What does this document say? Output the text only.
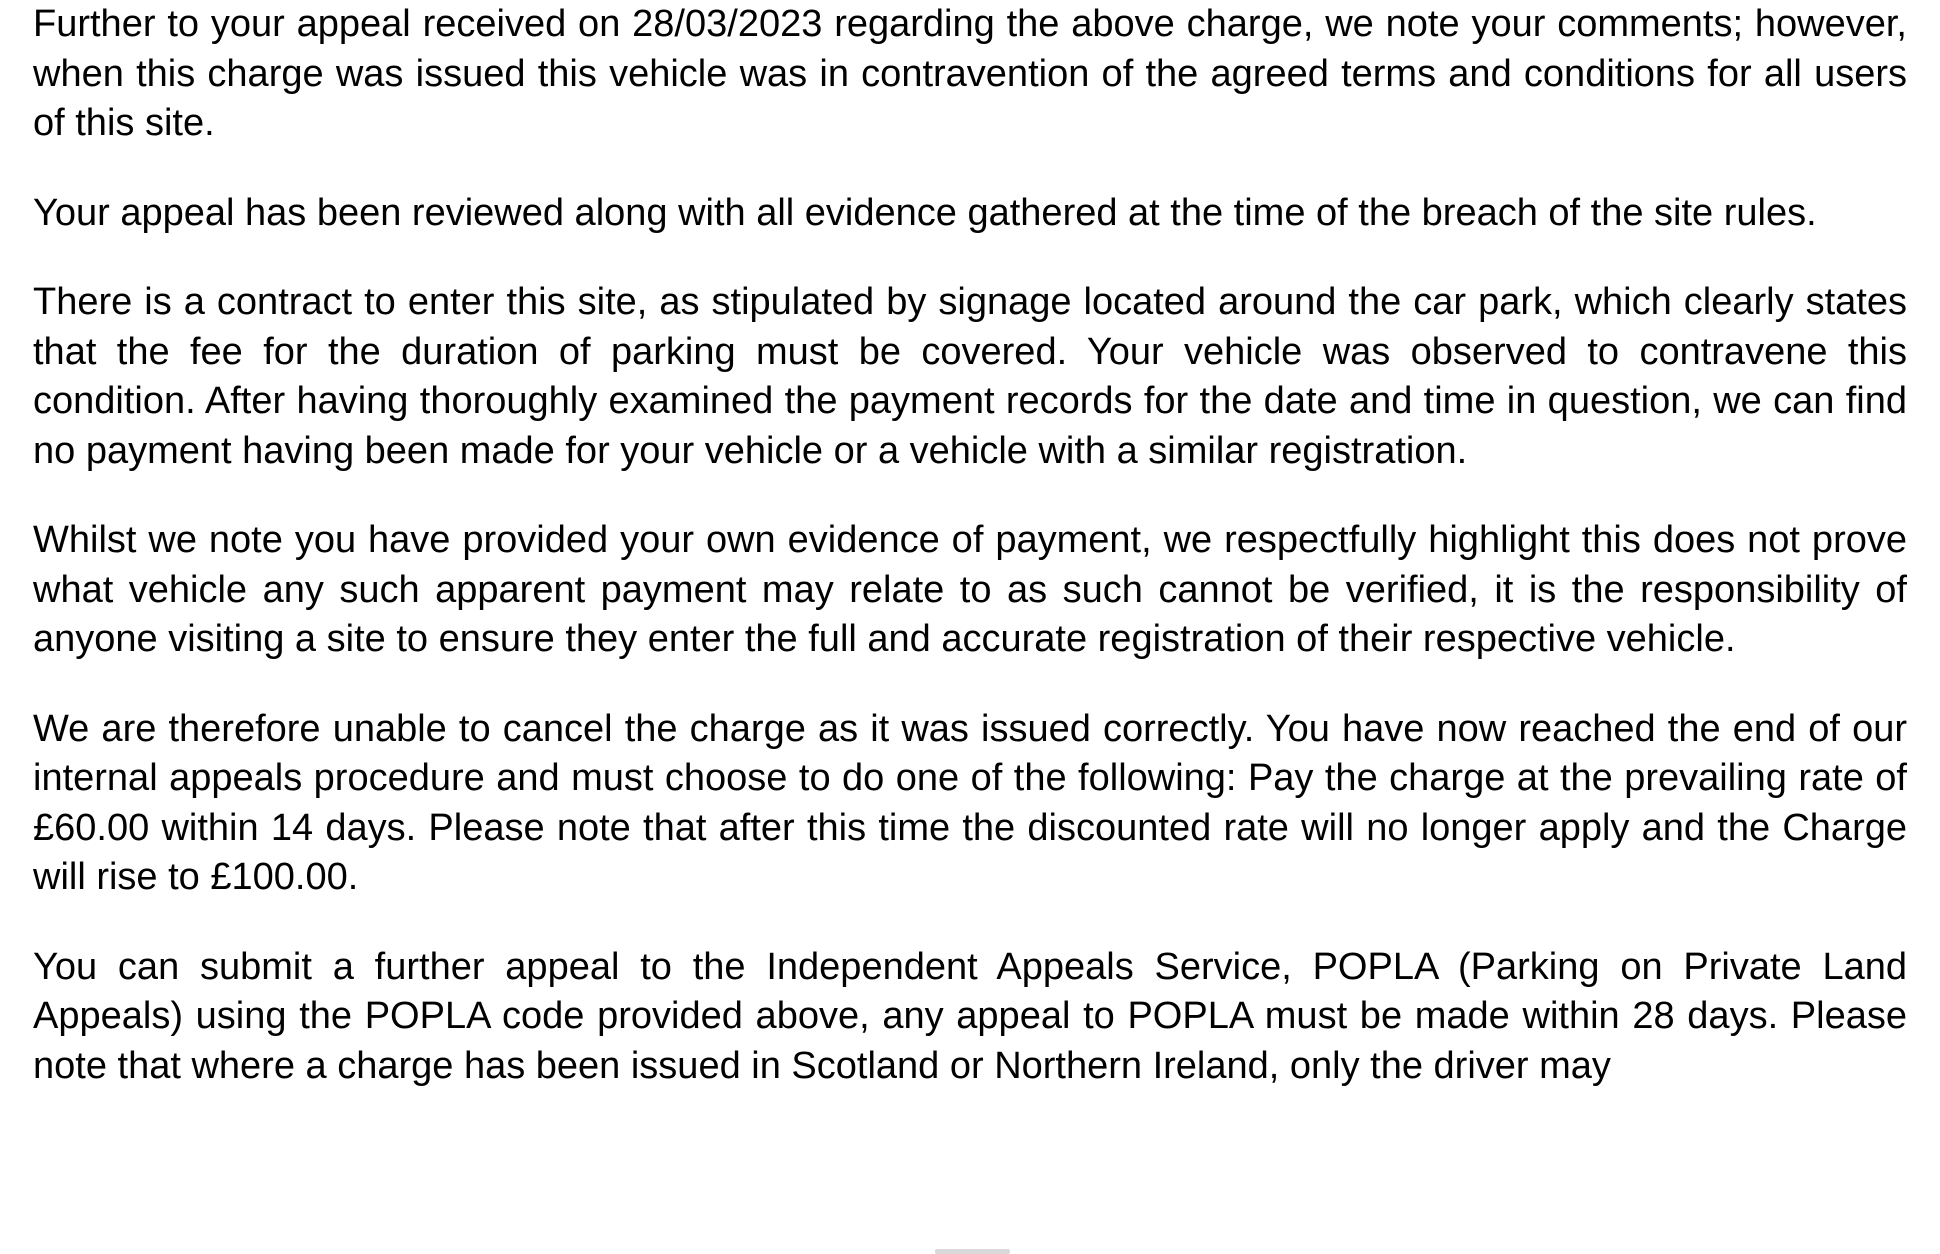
Further to your appeal received on 28/03/2023 regarding the above charge, we note your comments; however, when this charge was issued this vehicle was in contravention of the agreed terms and conditions for all users of this site.

Your appeal has been reviewed along with all evidence gathered at the time of the breach of the site rules.

There is a contract to enter this site, as stipulated by signage located around the car park, which clearly states that the fee for the duration of parking must be covered. Your vehicle was observed to contravene this condition. After having thoroughly examined the payment records for the date and time in question, we can find no payment having been made for your vehicle or a vehicle with a similar registration.

Whilst we note you have provided your own evidence of payment, we respectfully highlight this does not prove what vehicle any such apparent payment may relate to as such cannot be verified, it is the responsibility of anyone visiting a site to ensure they enter the full and accurate registration of their respective vehicle.

We are therefore unable to cancel the charge as it was issued correctly. You have now reached the end of our internal appeals procedure and must choose to do one of the following: Pay the charge at the prevailing rate of £60.00 within 14 days. Please note that after this time the discounted rate will no longer apply and the Charge will rise to £100.00.

You can submit a further appeal to the Independent Appeals Service, POPLA (Parking on Private Land Appeals) using the POPLA code provided above, any appeal to POPLA must be made within 28 days. Please note that where a charge has been issued in Scotland or Northern Ireland, only the driver may
